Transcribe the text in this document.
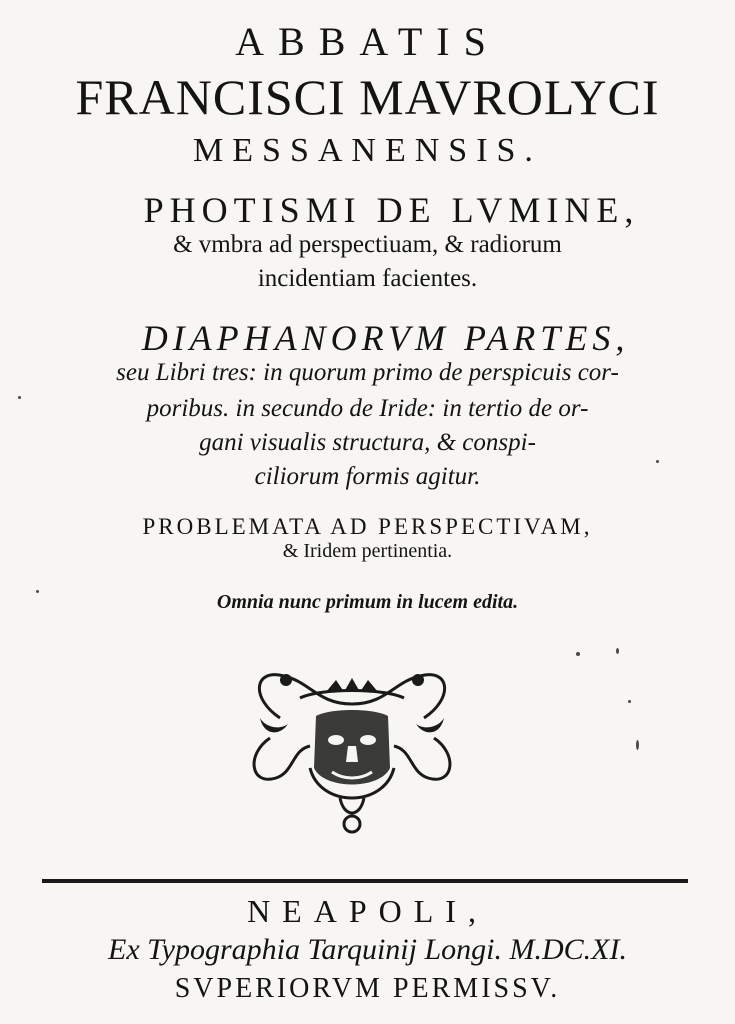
ABBATIS
FRANCISCI MAVROLYCI
MESSANENSIS.
PHOTISMI DE LVMINE,
& vmbra ad perspectiuam, & radiorum
incidentiam facientes.
DIAPHANORVM PARTES,
seu Libri tres: in quorum primo de perspicuis cor-
poribus. in secundo de Iride: in tertio de or-
gani visualis structura, & conspi-
ciliorum formis agitur.
PROBLEMATA AD PERSPECTIVAM,
& Iridem pertinentia.
Omnia nunc primum in lucem edita.
NEAPOLI,
Ex Typographia Tarquinij Longi. M.DC.XI.
SVPERIORVM PERMISSV.
